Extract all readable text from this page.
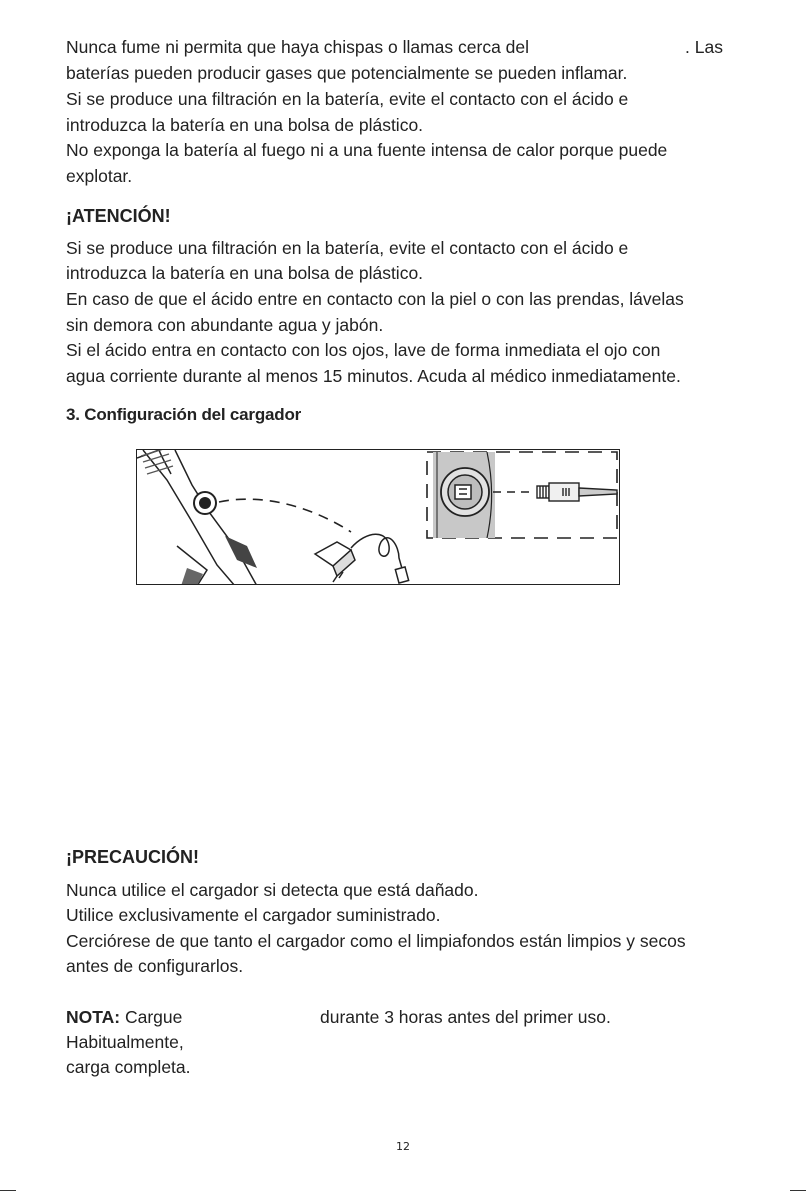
Nunca fume ni permita que haya chispas o llamas cerca del	. Las
baterías pueden producir gases que potencialmente se pueden inflamar.
Si se produce una filtración en la batería, evite el contacto con el ácido e
introduzca la batería en una bolsa de plástico.
No exponga la batería al fuego ni a una fuente intensa de calor porque puede
explotar.
¡ATENCIÓN!
Si se produce una filtración en la batería, evite el contacto con el ácido e
introduzca la batería en una bolsa de plástico.
En caso de que el ácido entre en contacto con la piel o con las prendas, lávelas
sin demora con abundante agua y jabón.
Si el ácido entra en contacto con los ojos, lave de forma inmediata el ojo con
agua corriente durante al menos 15 minutos. Acuda al médico inmediatamente.
3. Configuración del cargador
¡PRECAUCIÓN!
Nunca utilice el cargador si detecta que está dañado.
Utilice exclusivamente el cargador suministrado.
Cerciórese de que tanto el cargador como el limpiafondos están limpios y secos
antes de configurarlos.
NOTA: Cargue	durante 3 horas antes del primer uso.
Habitualmente,
carga completa.
12
